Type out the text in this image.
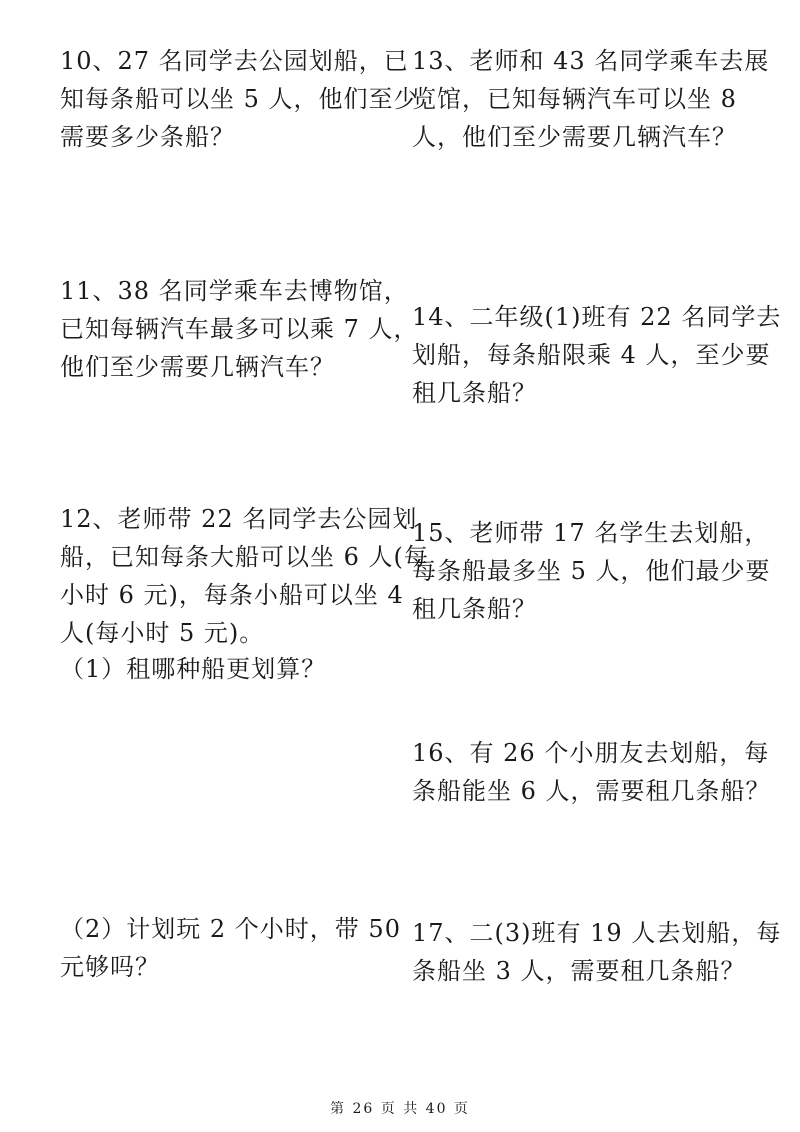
10、27 名同学去公园划船，已
知每条船可以坐 5 人，他们至少
需要多少条船？
11、38 名同学乘车去博物馆，
已知每辆汽车最多可以乘 7 人，
他们至少需要几辆汽车？
12、老师带 22 名同学去公园划
船，已知每条大船可以坐 6 人(每
小时 6 元)，每条小船可以坐 4
人(每小时 5 元)。
（1）租哪种船更划算？
（2）计划玩 2 个小时，带 50
元够吗？
13、老师和 43 名同学乘车去展
览馆，已知每辆汽车可以坐 8
人，他们至少需要几辆汽车？
14、二年级(1)班有 22 名同学去
划船，每条船限乘 4 人，至少要
租几条船？
15、老师带 17 名学生去划船，
每条船最多坐 5 人，他们最少要
租几条船？
16、有 26 个小朋友去划船，每
条船能坐 6 人，需要租几条船？
17、二(3)班有 19 人去划船，每
条船坐 3 人，需要租几条船？
第 26 页 共 40 页
